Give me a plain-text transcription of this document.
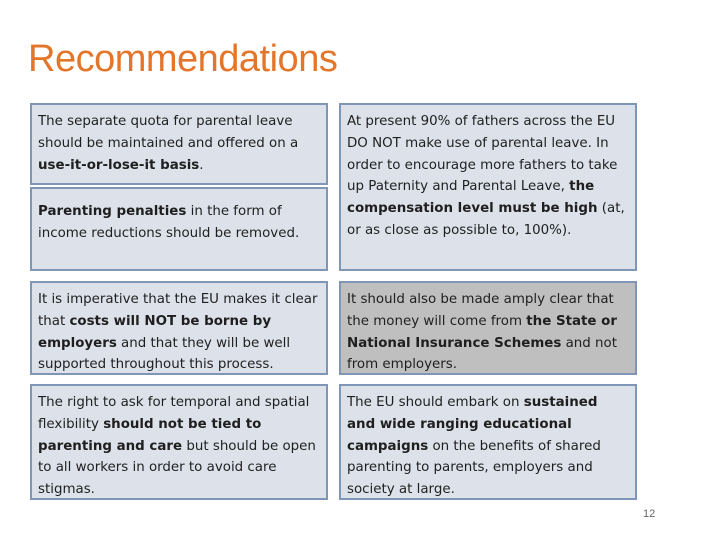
Recommendations

The separate quota for parental leave should be maintained and offered on a use-it-or-lose-it basis.

Parenting penalties in the form of income reductions should be removed.

At present 90% of fathers across the EU DO NOT make use of parental leave. In order to encourage more fathers to take up Paternity and Parental Leave, the compensation level must be high (at, or as close as possible to, 100%).

It is imperative that the EU makes it clear that costs will NOT be borne by employers and that they will be well supported throughout this process.

It should also be made amply clear that the money will come from the State or National Insurance Schemes and not from employers.

The right to ask for temporal and spatial flexibility should not be tied to parenting and care but should be open to all workers in order to avoid care stigmas.

The EU should embark on sustained and wide ranging educational campaigns on the benefits of shared parenting to parents, employers and society at large.

12
